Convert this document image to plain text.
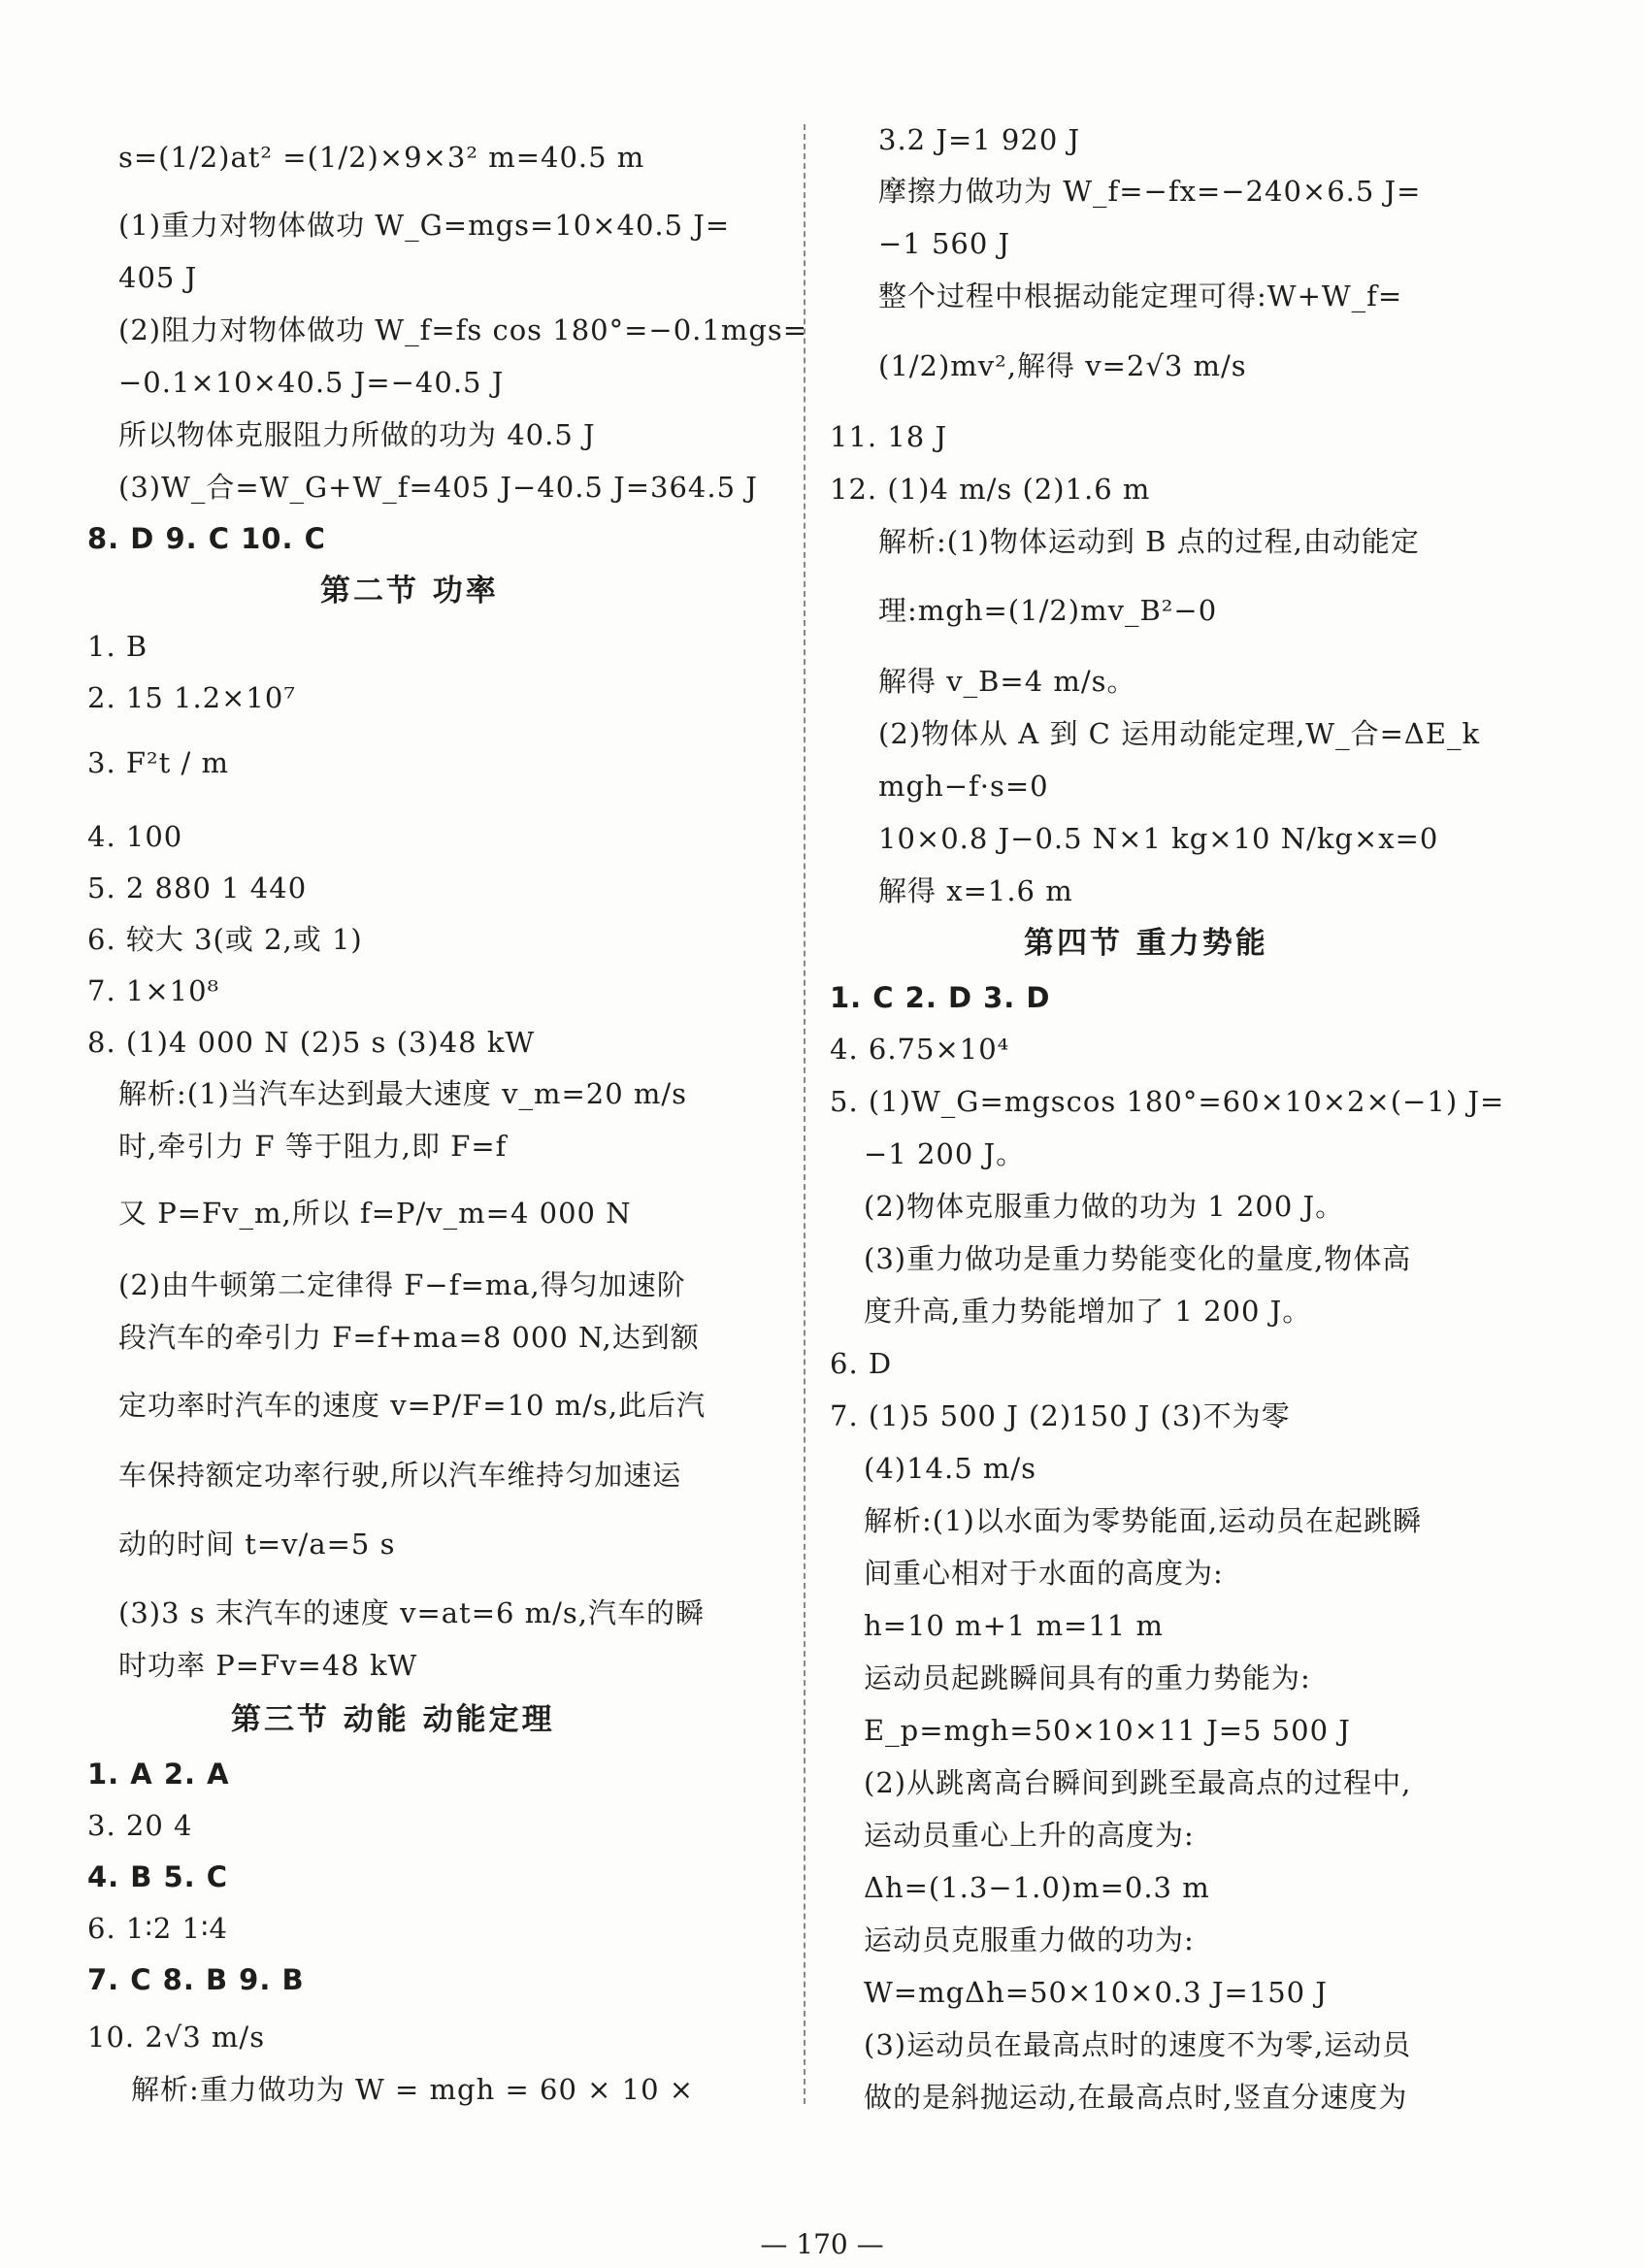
s=(1/2)at² =(1/2)×9×3² m=40.5 m
(1)重力对物体做功 W_G=mgs=10×40.5 J=
405 J
(2)阻力对物体做功 W_f=fs cos 180°=−0.1mgs=
−0.1×10×40.5 J=−40.5 J
所以物体克服阻力所做的功为 40.5 J
(3)W_合=W_G+W_f=405 J−40.5 J=364.5 J
8. D 9. C 10. C
第二节 功率
1. B
2. 15 1.2×10⁷
3. F²t / m
4. 100
5. 2 880 1 440
6. 较大 3(或 2,或 1)
7. 1×10⁸
8. (1)4 000 N (2)5 s (3)48 kW
解析:(1)当汽车达到最大速度 v_m=20 m/s
时,牵引力 F 等于阻力,即 F=f
又 P=Fv_m,所以 f=P/v_m=4 000 N
(2)由牛顿第二定律得 F−f=ma,得匀加速阶
段汽车的牵引力 F=f+ma=8 000 N,达到额
定功率时汽车的速度 v=P/F=10 m/s,此后汽
车保持额定功率行驶,所以汽车维持匀加速运
动的时间 t=v/a=5 s
(3)3 s 末汽车的速度 v=at=6 m/s,汽车的瞬
时功率 P=Fv=48 kW
第三节 动能 动能定理
1. A 2. A
3. 20 4
4. B 5. C
6. 1∶2 1∶4
7. C 8. B 9. B
10. 2√3 m/s
解析:重力做功为 W = mgh = 60 × 10 ×
3.2 J=1 920 J
摩擦力做功为 W_f=−fx=−240×6.5 J=
−1 560 J
整个过程中根据动能定理可得:W+W_f=
(1/2)mv²,解得 v=2√3 m/s
11. 18 J
12. (1)4 m/s (2)1.6 m
解析:(1)物体运动到 B 点的过程,由动能定
理:mgh=(1/2)mv_B²−0
解得 v_B=4 m/s。
(2)物体从 A 到 C 运用动能定理,W_合=ΔE_k
mgh−f·s=0
10×0.8 J−0.5 N×1 kg×10 N/kg×x=0
解得 x=1.6 m
第四节 重力势能
1. C 2. D 3. D
4. 6.75×10⁴
5. (1)W_G=mgscos 180°=60×10×2×(−1) J=
−1 200 J。
(2)物体克服重力做的功为 1 200 J。
(3)重力做功是重力势能变化的量度,物体高
度升高,重力势能增加了 1 200 J。
6. D
7. (1)5 500 J (2)150 J (3)不为零
(4)14.5 m/s
解析:(1)以水面为零势能面,运动员在起跳瞬
间重心相对于水面的高度为:
h=10 m+1 m=11 m
运动员起跳瞬间具有的重力势能为:
E_p=mgh=50×10×11 J=5 500 J
(2)从跳离高台瞬间到跳至最高点的过程中,
运动员重心上升的高度为:
Δh=(1.3−1.0)m=0.3 m
运动员克服重力做的功为:
W=mgΔh=50×10×0.3 J=150 J
(3)运动员在最高点时的速度不为零,运动员
做的是斜抛运动,在最高点时,竖直分速度为
— 170 —
